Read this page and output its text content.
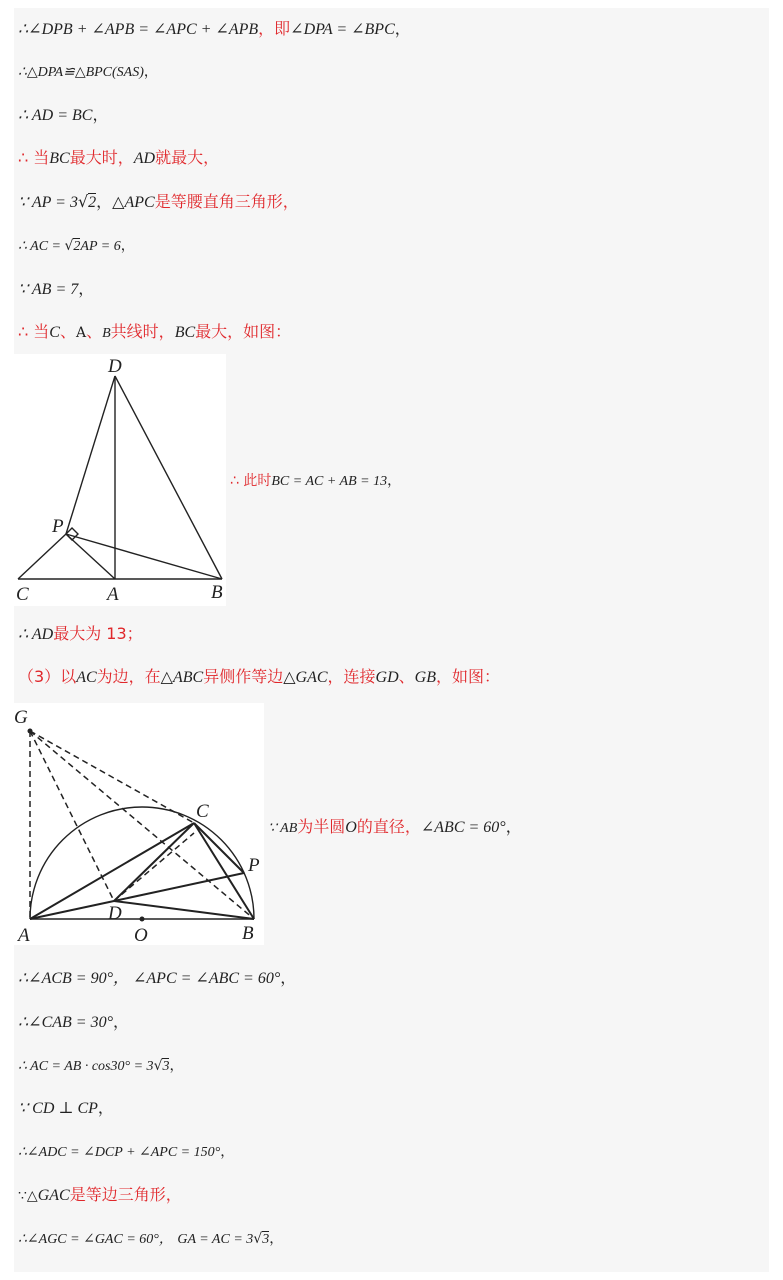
∴∠DPB + ∠APB = ∠APC + ∠APB，即∠DPA = ∠BPC，
∴△DPA≌△BPC(SAS)，
∴ AD = BC，
∴ 当BC最大时，AD就最大，
∵ AP = 3√2，△APC是等腰直角三角形，
∴ AC = √2AP = 6，
∵ AB = 7，
∴ 当C、A、B共线时，BC最大，如图：
D
P
C	A	B
∴ 此时BC = AC + AB = 13，
∴ AD最大为 13；
（3）以AC为边，在△ABC异侧作等边△GAC，连接GD、GB，如图：
G
C
P
D
A	O	B
∵ AB为半圆O的直径，∠ABC = 60°，
∴∠ACB = 90°， ∠APC = ∠ABC = 60°，
∴∠CAB = 30°，
∴ AC = AB · cos30° = 3√3，
∵ CD ⊥ CP，
∴∠ADC = ∠DCP + ∠APC = 150°，
∵△GAC是等边三角形，
∴∠AGC = ∠GAC = 60°， GA = AC = 3√3，
